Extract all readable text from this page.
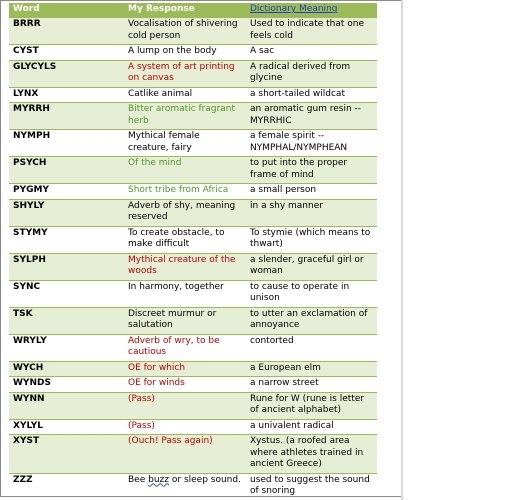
Word	My Response	Dictionary Meaning
BRRR	Vocalisation of shivering cold person	Used to indicate that one feels cold
CYST	A lump on the body	A sac
GLYCYLS	A system of art printing on canvas	A radical derived from glycine
LYNX	Catlike animal	a short-tailed wildcat
MYRRH	Bitter aromatic fragrant herb	an aromatic gum resin -- MYRRHIC
NYMPH	Mythical female creature, fairy	a female spirit -- NYMPHAL/NYMPHEAN
PSYCH	Of the mind	to put into the proper frame of mind
PYGMY	Short tribe from Africa	a small person
SHYLY	Adverb of shy, meaning reserved	in a shy manner
STYMY	To create obstacle, to make difficult	To stymie (which means to thwart)
SYLPH	Mythical creature of the woods	a slender, graceful girl or woman
SYNC	In harmony, together	to cause to operate in unison
TSK	Discreet murmur or salutation	to utter an exclamation of annoyance
WRYLY	Adverb of wry, to be cautious	contorted
WYCH	OE for which	a European elm
WYNDS	OE for winds	a narrow street
WYNN	(Pass)	Rune for W (rune is letter of ancient alphabet)
XYLYL	(Pass)	a univalent radical
XYST	(Ouch! Pass again)	Xystus. (a roofed area where athletes trained in ancient Greece)
ZZZ	Bee buzz or sleep sound.	used to suggest the sound of snoring
